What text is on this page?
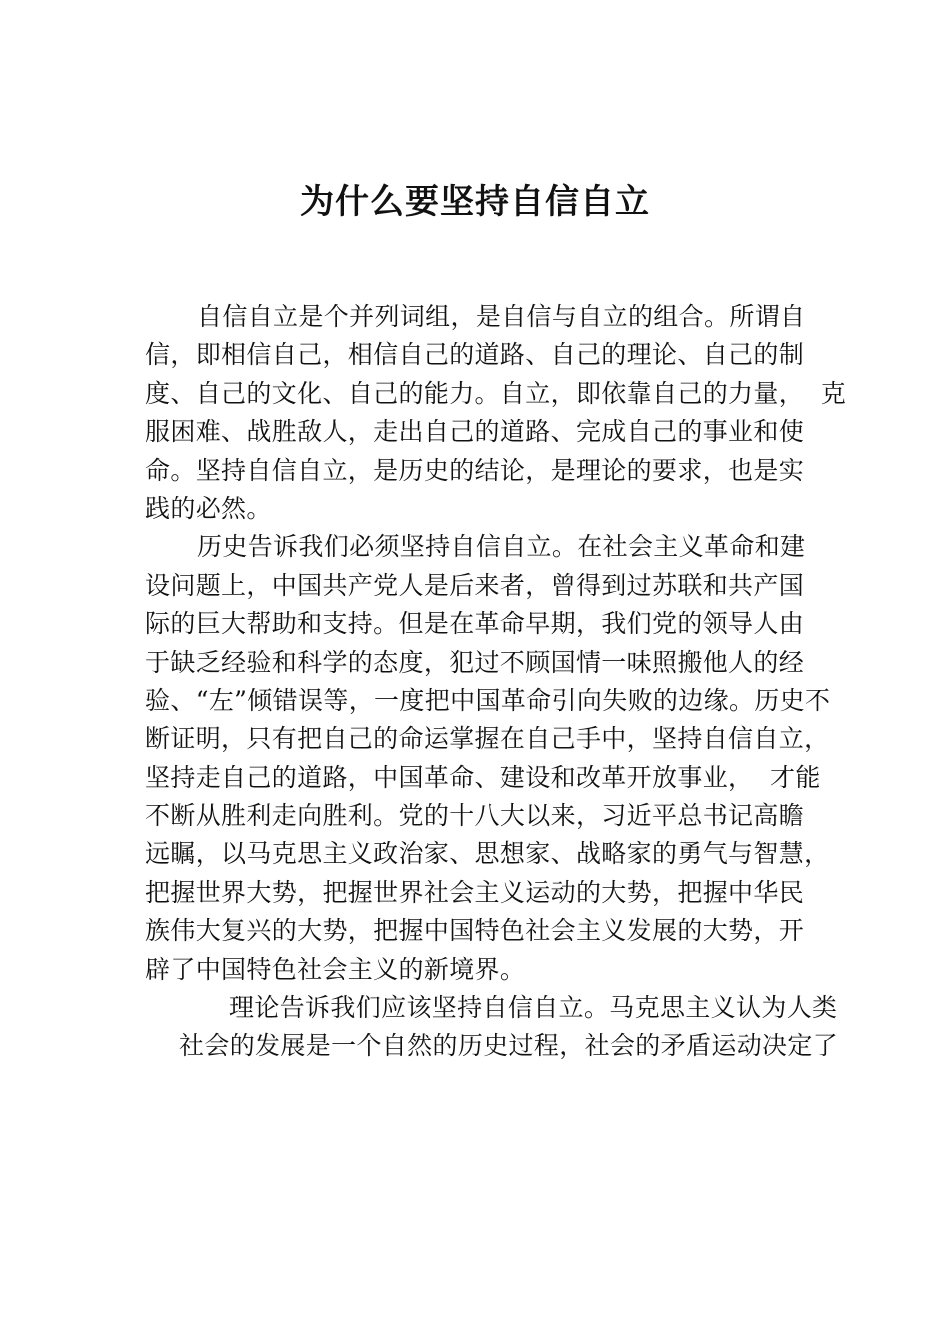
为什么要坚持自信自立
自信自立是个并列词组，是自信与自立的组合。所谓自
信，即相信自己，相信自己的道路、自己的理论、自己的制
度、自己的文化、自己的能力。自立，即依靠自己的力量，  克
服困难、战胜敌人，走出自己的道路、完成自己的事业和使
命。坚持自信自立，是历史的结论，是理论的要求，也是实
践的必然。
历史告诉我们必须坚持自信自立。在社会主义革命和建
设问题上，中国共产党人是后来者，曾得到过苏联和共产国
际的巨大帮助和支持。但是在革命早期，我们党的领导人由
于缺乏经验和科学的态度，犯过不顾国情一味照搬他人的经
验、“左”倾错误等，一度把中国革命引向失败的边缘。历史不
断证明，只有把自己的命运掌握在自己手中，坚持自信自立，
坚持走自己的道路，中国革命、建设和改革开放事业，  才能
不断从胜利走向胜利。党的十八大以来，习近平总书记高瞻
远瞩，以马克思主义政治家、思想家、战略家的勇气与智慧，
把握世界大势，把握世界社会主义运动的大势，把握中华民
族伟大复兴的大势，把握中国特色社会主义发展的大势，开
辟了中国特色社会主义的新境界。
理论告诉我们应该坚持自信自立。马克思主义认为人类
社会的发展是一个自然的历史过程，社会的矛盾运动决定了
